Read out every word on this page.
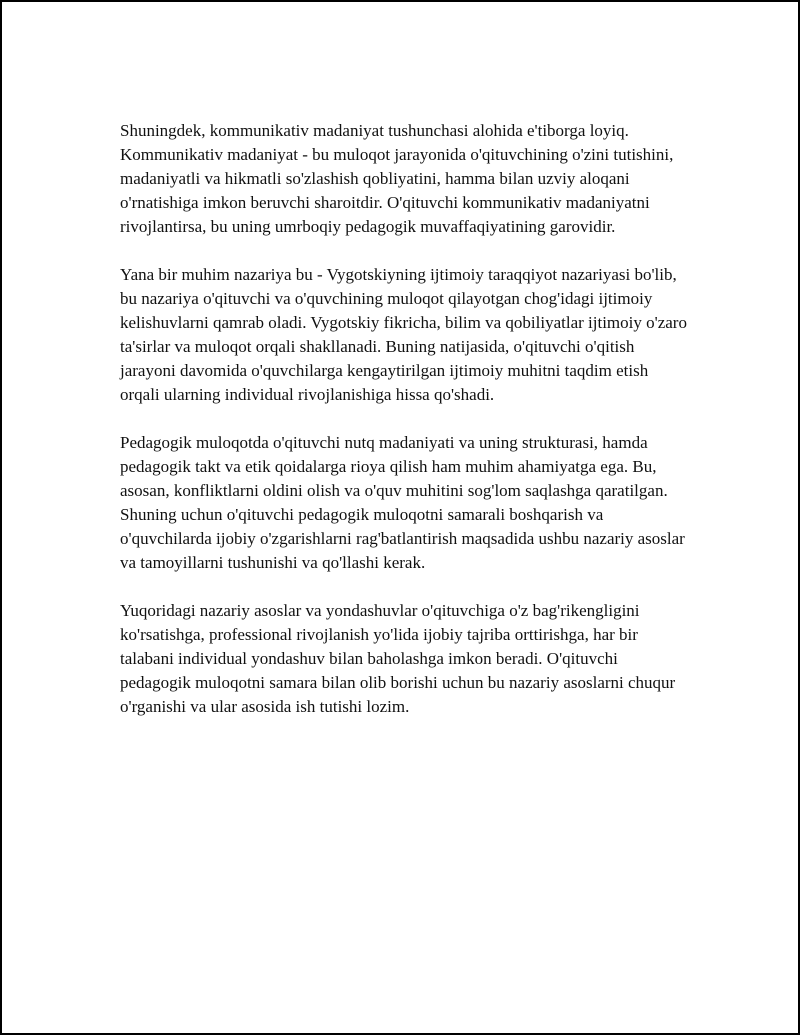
Shuningdek, kommunikativ madaniyat tushunchasi alohida e'tiborga loyiq. Kommunikativ madaniyat - bu muloqot jarayonida o'qituvchining o'zini tutishini, madaniyatli va hikmatli so'zlashish qobliyatini, hamma bilan uzviy aloqani o'rnatishiga imkon beruvchi sharoitdir. O'qituvchi kommunikativ madaniyatni rivojlantirsa, bu uning umrboqiy pedagogik muvaffaqiyatining garovidir.

Yana bir muhim nazariya bu - Vygotskiyning ijtimoiy taraqqiyot nazariyasi bo'lib, bu nazariya o'qituvchi va o'quvchining muloqot qilayotgan chog'idagi ijtimoiy kelishuvlarni qamrab oladi. Vygotskiy fikricha, bilim va qobiliyatlar ijtimoiy o'zaro ta'sirlar va muloqot orqali shakllanadi. Buning natijasida, o'qituvchi o'qitish jarayoni davomida o'quvchilarga kengaytirilgan ijtimoiy muhitni taqdim etish orqali ularning individual rivojlanishiga hissa qo'shadi.

Pedagogik muloqotda o'qituvchi nutq madaniyati va uning strukturasi, hamda pedagogik takt va etik qoidalarga rioya qilish ham muhim ahamiyatga ega. Bu, asosan, konfliktlarni oldini olish va o'quv muhitini sog'lom saqlashga qaratilgan. Shuning uchun o'qituvchi pedagogik muloqotni samarali boshqarish va o'quvchilarda ijobiy o'zgarishlarni rag'batlantirish maqsadida ushbu nazariy asoslar va tamoyillarni tushunishi va qo'llashi kerak.

Yuqoridagi nazariy asoslar va yondashuvlar o'qituvchiga o'z bag'rikengligini ko'rsatishga, professional rivojlanish yo'lida ijobiy tajriba orttirishga, har bir talabani individual yondashuv bilan baholashga imkon beradi. O'qituvchi pedagogik muloqotni samara bilan olib borishi uchun bu nazariy asoslarni chuqur o'rganishi va ular asosida ish tutishi lozim.
